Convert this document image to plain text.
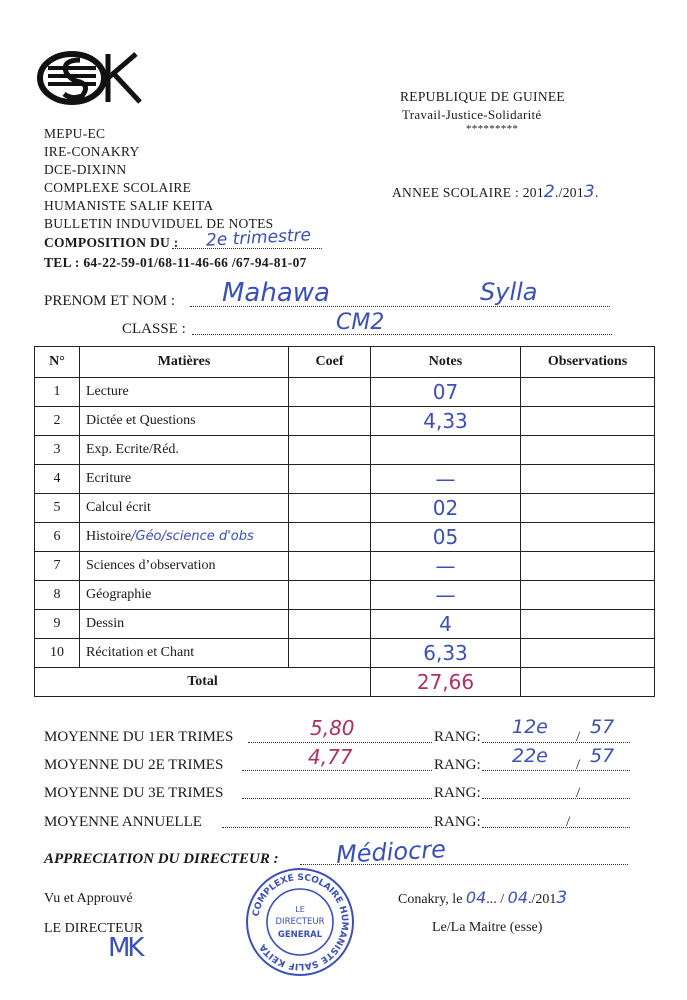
REPUBLIQUE DE GUINEE
Travail-Justice-Solidarité
*********
MEPU-EC
IRE-CONAKRY
DCE-DIXINN
COMPLEXE SCOLAIRE
HUMANISTE SALIF KEITA
BULLETIN INDUVIDUEL DE NOTES
COMPOSITION DU : 2e trimestre
TEL : 64-22-59-01/68-11-46-66 /67-94-81-07
ANNEE SCOLAIRE : 2012./2013.
PRENOM ET NOM : Mahawa	Sylla
CLASSE :	CM2
N°	Matières	Coef	Notes	Observations
1	Lecture		07	
2	Dictée et Questions		4,33	
3	Exp. Ecrite/Réd.			
4	Ecriture		—	
5	Calcul écrit		02	
6	Histoire/Géo/science d'obs		05	
7	Sciences d’observation		—	
8	Géographie		—	
9	Dessin		4	
10	Récitation et Chant		6,33	
Total			27,66	
MOYENNE DU 1ER TRIMES	5,80	RANG: 12e / 57
MOYENNE DU 2E TRIMES	4,77	RANG: 22e / 57
MOYENNE DU 3E TRIMES	RANG:	/
MOYENNE ANNUELLE	RANG:	/
APPRECIATION DU DIRECTEUR : Médiocre
Vu et Approuvé
LE DIRECTEUR
MK
Conakry, le 04... / 04./2013
Le/La Maitre (esse)
COMPLEXE SCOLAIRE HUMANISTE SALIF KEITA
LE
DIRECTEUR
GENERAL
